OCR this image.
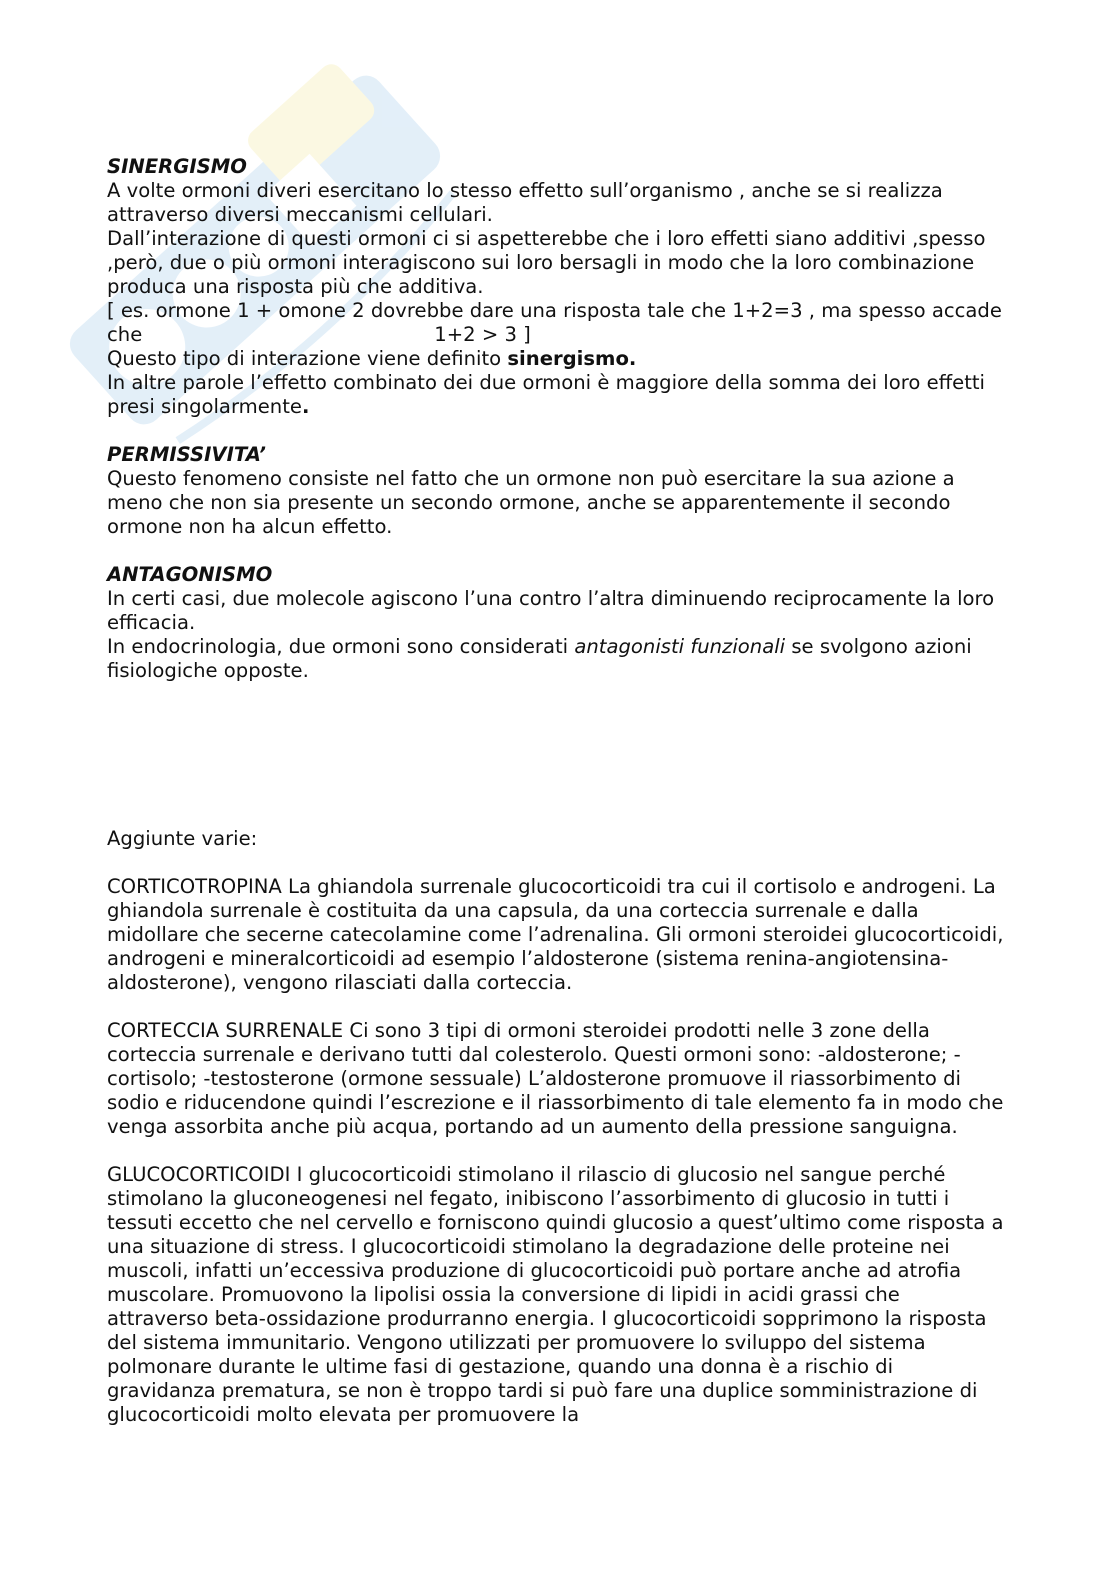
SINERGISMO

A volte ormoni diveri esercitano lo stesso effetto sull’organismo , anche se si realizza attraverso diversi meccanismi cellulari.

Dall’interazione di questi ormoni ci si aspetterebbe che i loro effetti siano additivi ,spesso ,però, due o più ormoni interagiscono sui loro bersagli in modo che la loro combinazione produca una risposta più che additiva.

[ es. ormone 1 + omone 2 dovrebbe dare una risposta tale che 1+2=3 , ma spesso accade che	1+2 > 3 ]

Questo tipo di interazione viene definito sinergismo.

In altre parole l’effetto combinato dei due ormoni è maggiore della somma dei loro effetti presi singolarmente.

PERMISSIVITA’

Questo fenomeno consiste nel fatto che un ormone non può esercitare la sua azione a meno che non sia presente un secondo ormone, anche se apparentemente il secondo ormone non ha alcun effetto.

ANTAGONISMO

In certi casi, due molecole agiscono l’una contro l’altra diminuendo reciprocamente la loro efficacia.

In endocrinologia, due ormoni sono considerati antagonisti funzionali se svolgono azioni fisiologiche opposte.

Aggiunte varie:

CORTICOTROPINA La ghiandola surrenale glucocorticoidi tra cui il cortisolo e androgeni. La ghiandola surrenale è costituita da una capsula, da una corteccia surrenale e dalla midollare che secerne catecolamine come l’adrenalina. Gli ormoni steroidei glucocorticoidi, androgeni e mineralcorticoidi ad esempio l’aldosterone (sistema renina-angiotensina-aldosterone), vengono rilasciati dalla corteccia.

CORTECCIA SURRENALE Ci sono 3 tipi di ormoni steroidei prodotti nelle 3 zone della corteccia surrenale e derivano tutti dal colesterolo. Questi ormoni sono: -aldosterone; -cortisolo; -testosterone (ormone sessuale) L’aldosterone promuove il riassorbimento di sodio e riducendone quindi l’escrezione e il riassorbimento di tale elemento fa in modo che venga assorbita anche più acqua, portando ad un aumento della pressione sanguigna.

GLUCOCORTICOIDI I glucocorticoidi stimolano il rilascio di glucosio nel sangue perché stimolano la gluconeogenesi nel fegato, inibiscono l’assorbimento di glucosio in tutti i tessuti eccetto che nel cervello e forniscono quindi glucosio a quest’ultimo come risposta a una situazione di stress. I glucocorticoidi stimolano la degradazione delle proteine nei muscoli, infatti un’eccessiva produzione di glucocorticoidi può portare anche ad atrofia muscolare. Promuovono la lipolisi ossia la conversione di lipidi in acidi grassi che attraverso beta-ossidazione produrranno energia. I glucocorticoidi sopprimono la risposta del sistema immunitario. Vengono utilizzati per promuovere lo sviluppo del sistema polmonare durante le ultime fasi di gestazione, quando una donna è a rischio di gravidanza prematura, se non è troppo tardi si può fare una duplice somministrazione di glucocorticoidi molto elevata per promuovere la
